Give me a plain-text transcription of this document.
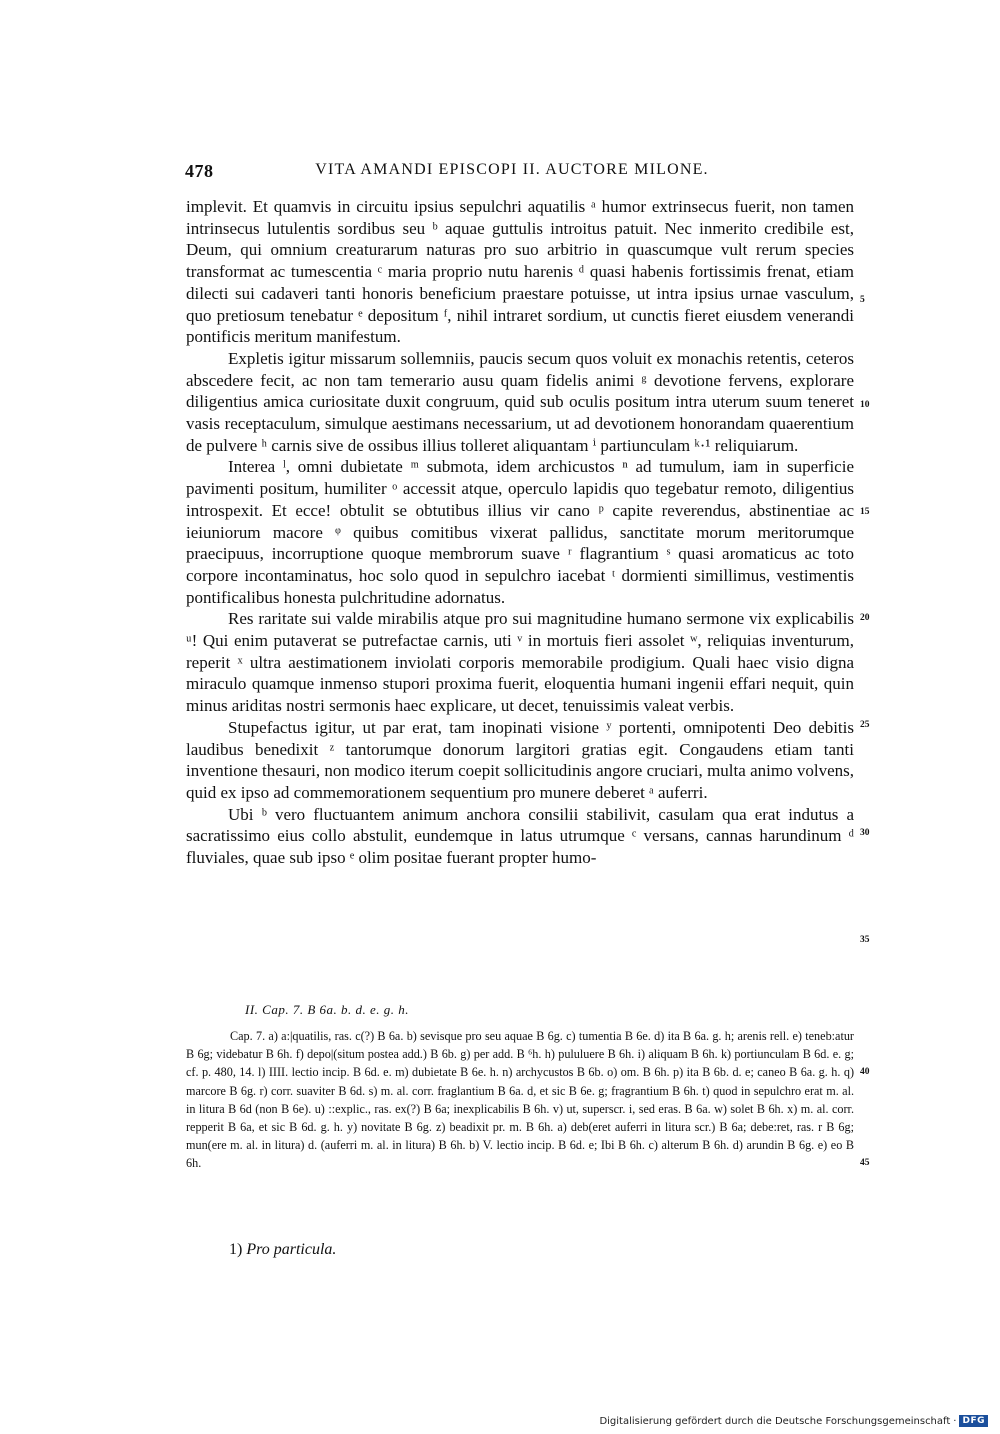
478	VITA AMANDI EPISCOPI II. AUCTORE MILONE.

implevit. Et quamvis in circuitu ipsius sepulchri aquatilis ᵃ humor extrinsecus fuerit, non tamen intrinsecus lutulentis sordibus seu ᵇ aquae guttulis introitus patuit. Nec inmerito credibile est, Deum, qui omnium creaturarum naturas pro suo arbitrio in quascumque vult rerum species transformat ac tumescentia ᶜ maria proprio nutu harenis ᵈ quasi habenis fortissimis frenat, etiam dilecti sui cadaveri tanti honoris beneficium praestare potuisse, ut intra ipsius urnae vasculum, quo pretiosum tenebatur ᵉ depositum ᶠ, nihil intraret sordium, ut cunctis fieret eiusdem venerandi pontificis meritum manifestum.

Expletis igitur missarum sollemniis, paucis secum quos voluit ex monachis retentis, ceteros abscedere fecit, ac non tam temerario ausu quam fidelis animi ᵍ devotione fervens, explorare diligentius amica curiositate duxit congruum, quid sub oculis positum intra uterum suum teneret vasis receptaculum, simulque aestimans necessarium, ut ad devotionem honorandam quaerentium de pulvere ʰ carnis sive de ossibus illius tolleret aliquantam ⁱ partiunculam ᵏ·¹ reliquiarum.

Interea ˡ, omni dubietate ᵐ submota, idem archicustos ⁿ ad tumulum, iam in superficie pavimenti positum, humiliter ᵒ accessit atque, operculo lapidis quo tegebatur remoto, diligentius introspexit. Et ecce! obtulit se obtutibus illius vir cano ᵖ capite reverendus, abstinentiae ac ieiuniorum macore ᵠ quibus comitibus vixerat pallidus, sanctitate morum meritorumque praecipuus, incorruptione quoque membrorum suave ʳ flagrantium ˢ quasi aromaticus ac toto corpore incontaminatus, hoc solo quod in sepulchro iacebat ᵗ dormienti simillimus, vestimentis pontificalibus honesta pulchritudine adornatus.

Res raritate sui valde mirabilis atque pro sui magnitudine humano sermone vix explicabilis ᵘ! Qui enim putaverat se putrefactae carnis, uti ᵛ in mortuis fieri assolet ʷ, reliquias inventurum, reperit ˣ ultra aestimationem inviolati corporis memorabile prodigium. Quali haec visio digna miraculo quamque inmenso stupori proxima fuerit, eloquentia humani ingenii effari nequit, quin minus ariditas nostri sermonis haec explicare, ut decet, tenuissimis valeat verbis.

Stupefactus igitur, ut par erat, tam inopinati visione ʸ portenti, omnipotenti Deo debitis laudibus benedixit ᶻ tantorumque donorum largitori gratias egit. Congaudens etiam tanti inventione thesauri, non modico iterum coepit sollicitudinis angore cruciari, multa animo volvens, quid ex ipso ad commemorationem sequentium pro munere deberet ᵃ auferri.

Ubi ᵇ vero fluctuantem animum anchora consilii stabilivit, casulam qua erat indutus a sacratissimo eius collo abstulit, eundemque in latus utrumque ᶜ versans, cannas harundinum ᵈ fluviales, quae sub ipso ᵉ olim positae fuerant propter humo-

5
10
15
20
25
30
35
II. Cap. 7. B 6a. b. d. e. g. h.

Cap. 7. a) a:|quatilis, ras. c(?) B 6a. b) sevisque pro seu aquae B 6g. c) tumentia B 6e. d) ita B 6a. g. h; arenis rell. e) teneb:atur B 6g; videbatur B 6h. f) depo|(situm postea add.) B 6b. g) per add. B ⁶h. h) pululuere B 6h. i) aliquam B 6h. k) portiunculam B 6d. e. g; cf. p. 480, 14. l) IIII. lectio incip. B 6d. e. m) dubietate B 6e. h. n) archycustos B 6b. o) om. B 6h. p) ita B 6b. d. e; caneo B 6a. g. h. q) marcore B 6g. r) corr. suaviter B 6d. s) m. al. corr. fraglantium B 6a. d, et sic B 6e. g; fragrantium B 6h. t) quod in sepulchro erat m. al. in litura B 6d (non B 6e). u) ::explic., ras. ex(?) B 6a; inexplicabilis B 6h. v) ut, superscr. i, sed eras. B 6a. w) solet B 6h. x) m. al. corr. repperit B 6a, et sic B 6d. g. h. y) novitate B 6g. z) beadixit pr. m. B 6h. a) deb(eret auferri in litura scr.) B 6a; debe:ret, ras. r B 6g; mun(ere m. al. in litura) d. (auferri m. al. in litura) B 6h. b) V. lectio incip. B 6d. e; Ibi B 6h. c) alterum B 6h. d) arundin B 6g. e) eo B 6h.

40
45
1) Pro particula.
Digitalisierung gefördert durch die Deutsche Forschungsgemeinschaft · DFG
